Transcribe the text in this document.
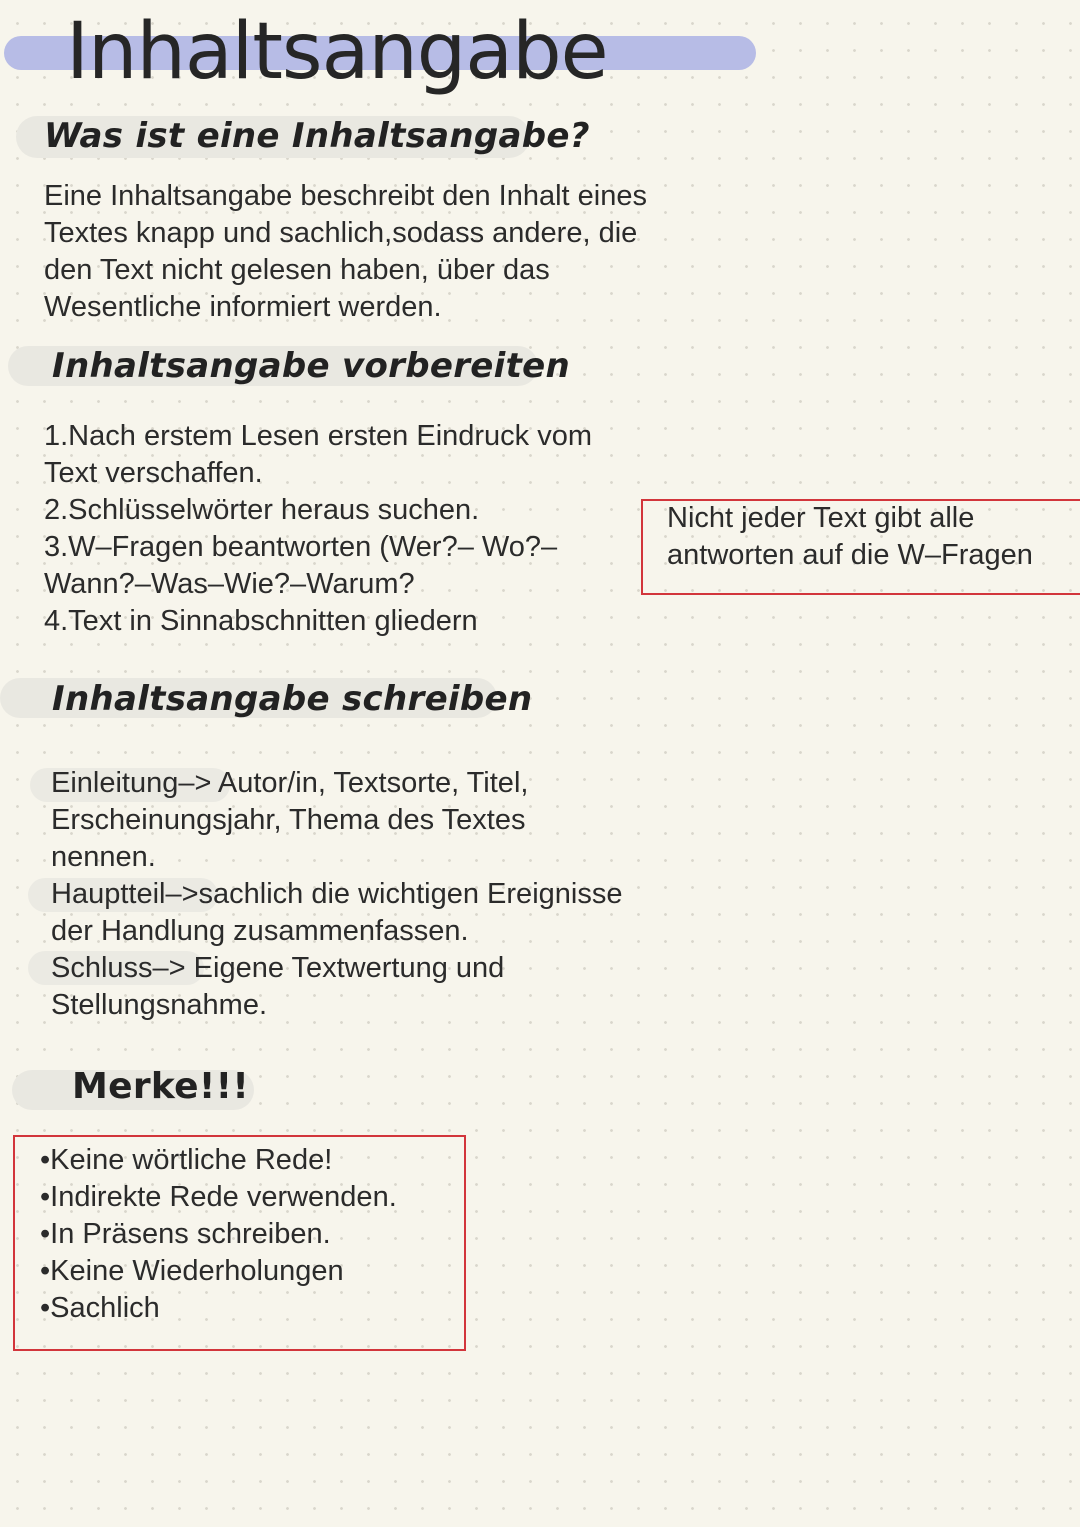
Inhaltsangabe
Was ist eine Inhaltsangabe?
Eine Inhaltsangabe beschreibt den Inhalt eines
Textes knapp und sachlich,sodass andere, die
den Text nicht gelesen haben, über das
Wesentliche informiert werden.
Inhaltsangabe vorbereiten
1.Nach erstem Lesen ersten Eindruck vom
Text verschaffen.
2.Schlüsselwörter heraus suchen.
3.W–Fragen beantworten (Wer?– Wo?–
Wann?–Was–Wie?–Warum?
4.Text in Sinnabschnitten gliedern
Nicht jeder Text gibt alle
antworten auf die W–Fragen
Inhaltsangabe schreiben
Einleitung–> Autor/in, Textsorte, Titel,
Erscheinungsjahr, Thema des Textes
nennen.
Hauptteil–>sachlich die wichtigen Ereignisse
der Handlung zusammenfassen.
Schluss–> Eigene Textwertung und
Stellungsnahme.
Merke!!!
•Keine wörtliche Rede!
•Indirekte Rede verwenden.
•In Präsens schreiben.
•Keine Wiederholungen
•Sachlich
